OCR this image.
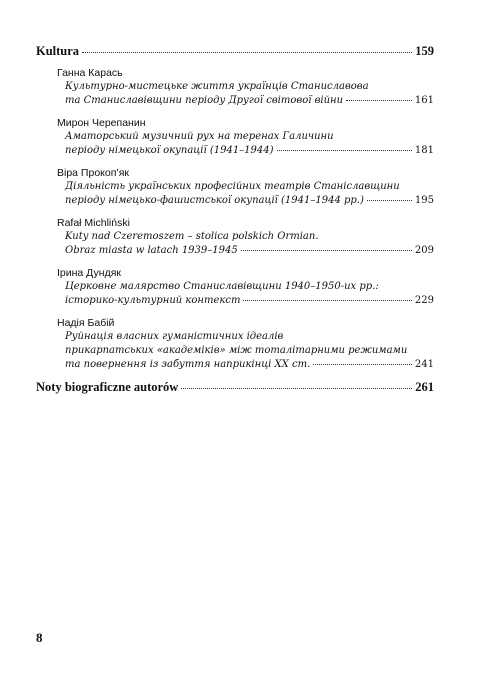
Kultura	159
Ганна Карась
Культурно-мистецьке життя українців Станиславова
та Станиславівщини періоду Другої світової війни	161
Мирон Черепанин
Аматорський музичний рух на теренах Галичини
періоду німецької окупації (1941–1944)	181
Віра Прокоп’як
Діяльність українських професійних театрів Станіславщини
періоду німецько-фашистської окупації (1941–1944 рр.)	195
Rafał Michliński
Kuty nad Czeremoszem – stolica polskich Ormian.
Obraz miasta w latach 1939–1945	209
Ірина Дундяк
Церковне малярство Станиславівщини 1940–1950-их рр.:
історико-культурний контекст	229
Надія Бабій
Руйнація власних гуманістичних ідеалів
прикарпатських «академіків» між тоталітарними режимами
та повернення із забуття наприкінці ХХ ст.	241
Noty biograficzne autorów	261
8
